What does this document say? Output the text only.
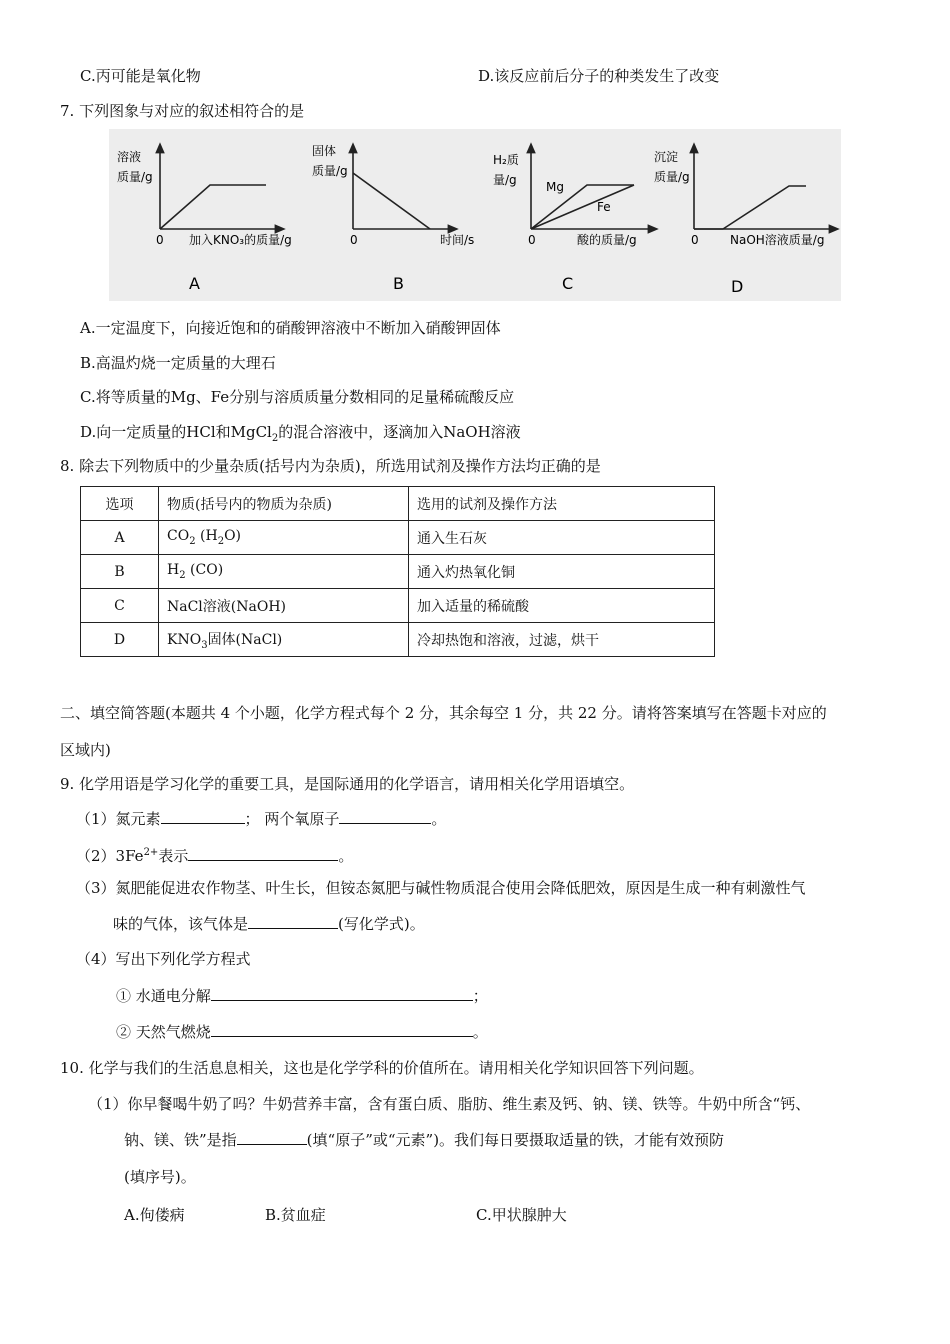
C.丙可能是氧化物	D.该反应前后分子的种类发生了改变
7. 下列图象与对应的叙述相符合的是
溶液
质量/g
0 加入KNO₃的质量/g
A
固体
质量/g
0	时间/s
B
H₂质
量/g Mg
Fe
0	酸的质量/g
C
沉淀
质量/g
0	NaOH溶液质量/g
D
A.一定温度下，向接近饱和的硝酸钾溶液中不断加入硝酸钾固体
B.高温灼烧一定质量的大理石
C.将等质量的Mg、Fe分别与溶质质量分数相同的足量稀硫酸反应
D.向一定质量的HCl和MgCl$_2$的混合溶液中，逐滴加入NaOH溶液
8. 除去下列物质中的少量杂质(括号内为杂质)，所选用试剂及操作方法均正确的是
选项	物质(括号内的物质为杂质)	选用的试剂及操作方法
A	$CO_2$ $(H_2O)$	通入生石灰
B	$H_2$ (CO)	通入灼热氧化铜
C	NaCl溶液(NaOH)	加入适量的稀硫酸
D	$KNO_3$固体(NaCl)	冷却热饱和溶液，过滤，烘干
二、填空简答题(本题共 4 个小题，化学方程式每个 2 分，其余每空 1 分，共 22 分。请将答案填写在答题卡对应的
区域内)
9. 化学用语是学习化学的重要工具，是国际通用的化学语言，请用相关化学用语填空。
（1）氮元素	； 两个氧原子	。
$(2)3Fe^{2+}$表示	。
（3）氮肥能促进农作物茎、叶生长，但铵态氮肥与碱性物质混合使用会降低肥效，原因是生成一种有刺激性气
味的气体，该气体是	(写化学式)。
（4）写出下列化学方程式
① 水通电分解	；
② 天然气燃烧	。
10. 化学与我们的生活息息相关，这也是化学学科的价值所在。请用相关化学知识回答下列问题。
（1）你早餐喝牛奶了吗？牛奶营养丰富，含有蛋白质、脂肪、维生素及钙、钠、镁、铁等。牛奶中所含“钙、
钠、镁、铁”是指	(填“原子”或“元素”)。我们每日要摄取适量的铁，才能有效预防
(填序号)。
A.佝偻病	B.贫血症	C.甲状腺肿大
